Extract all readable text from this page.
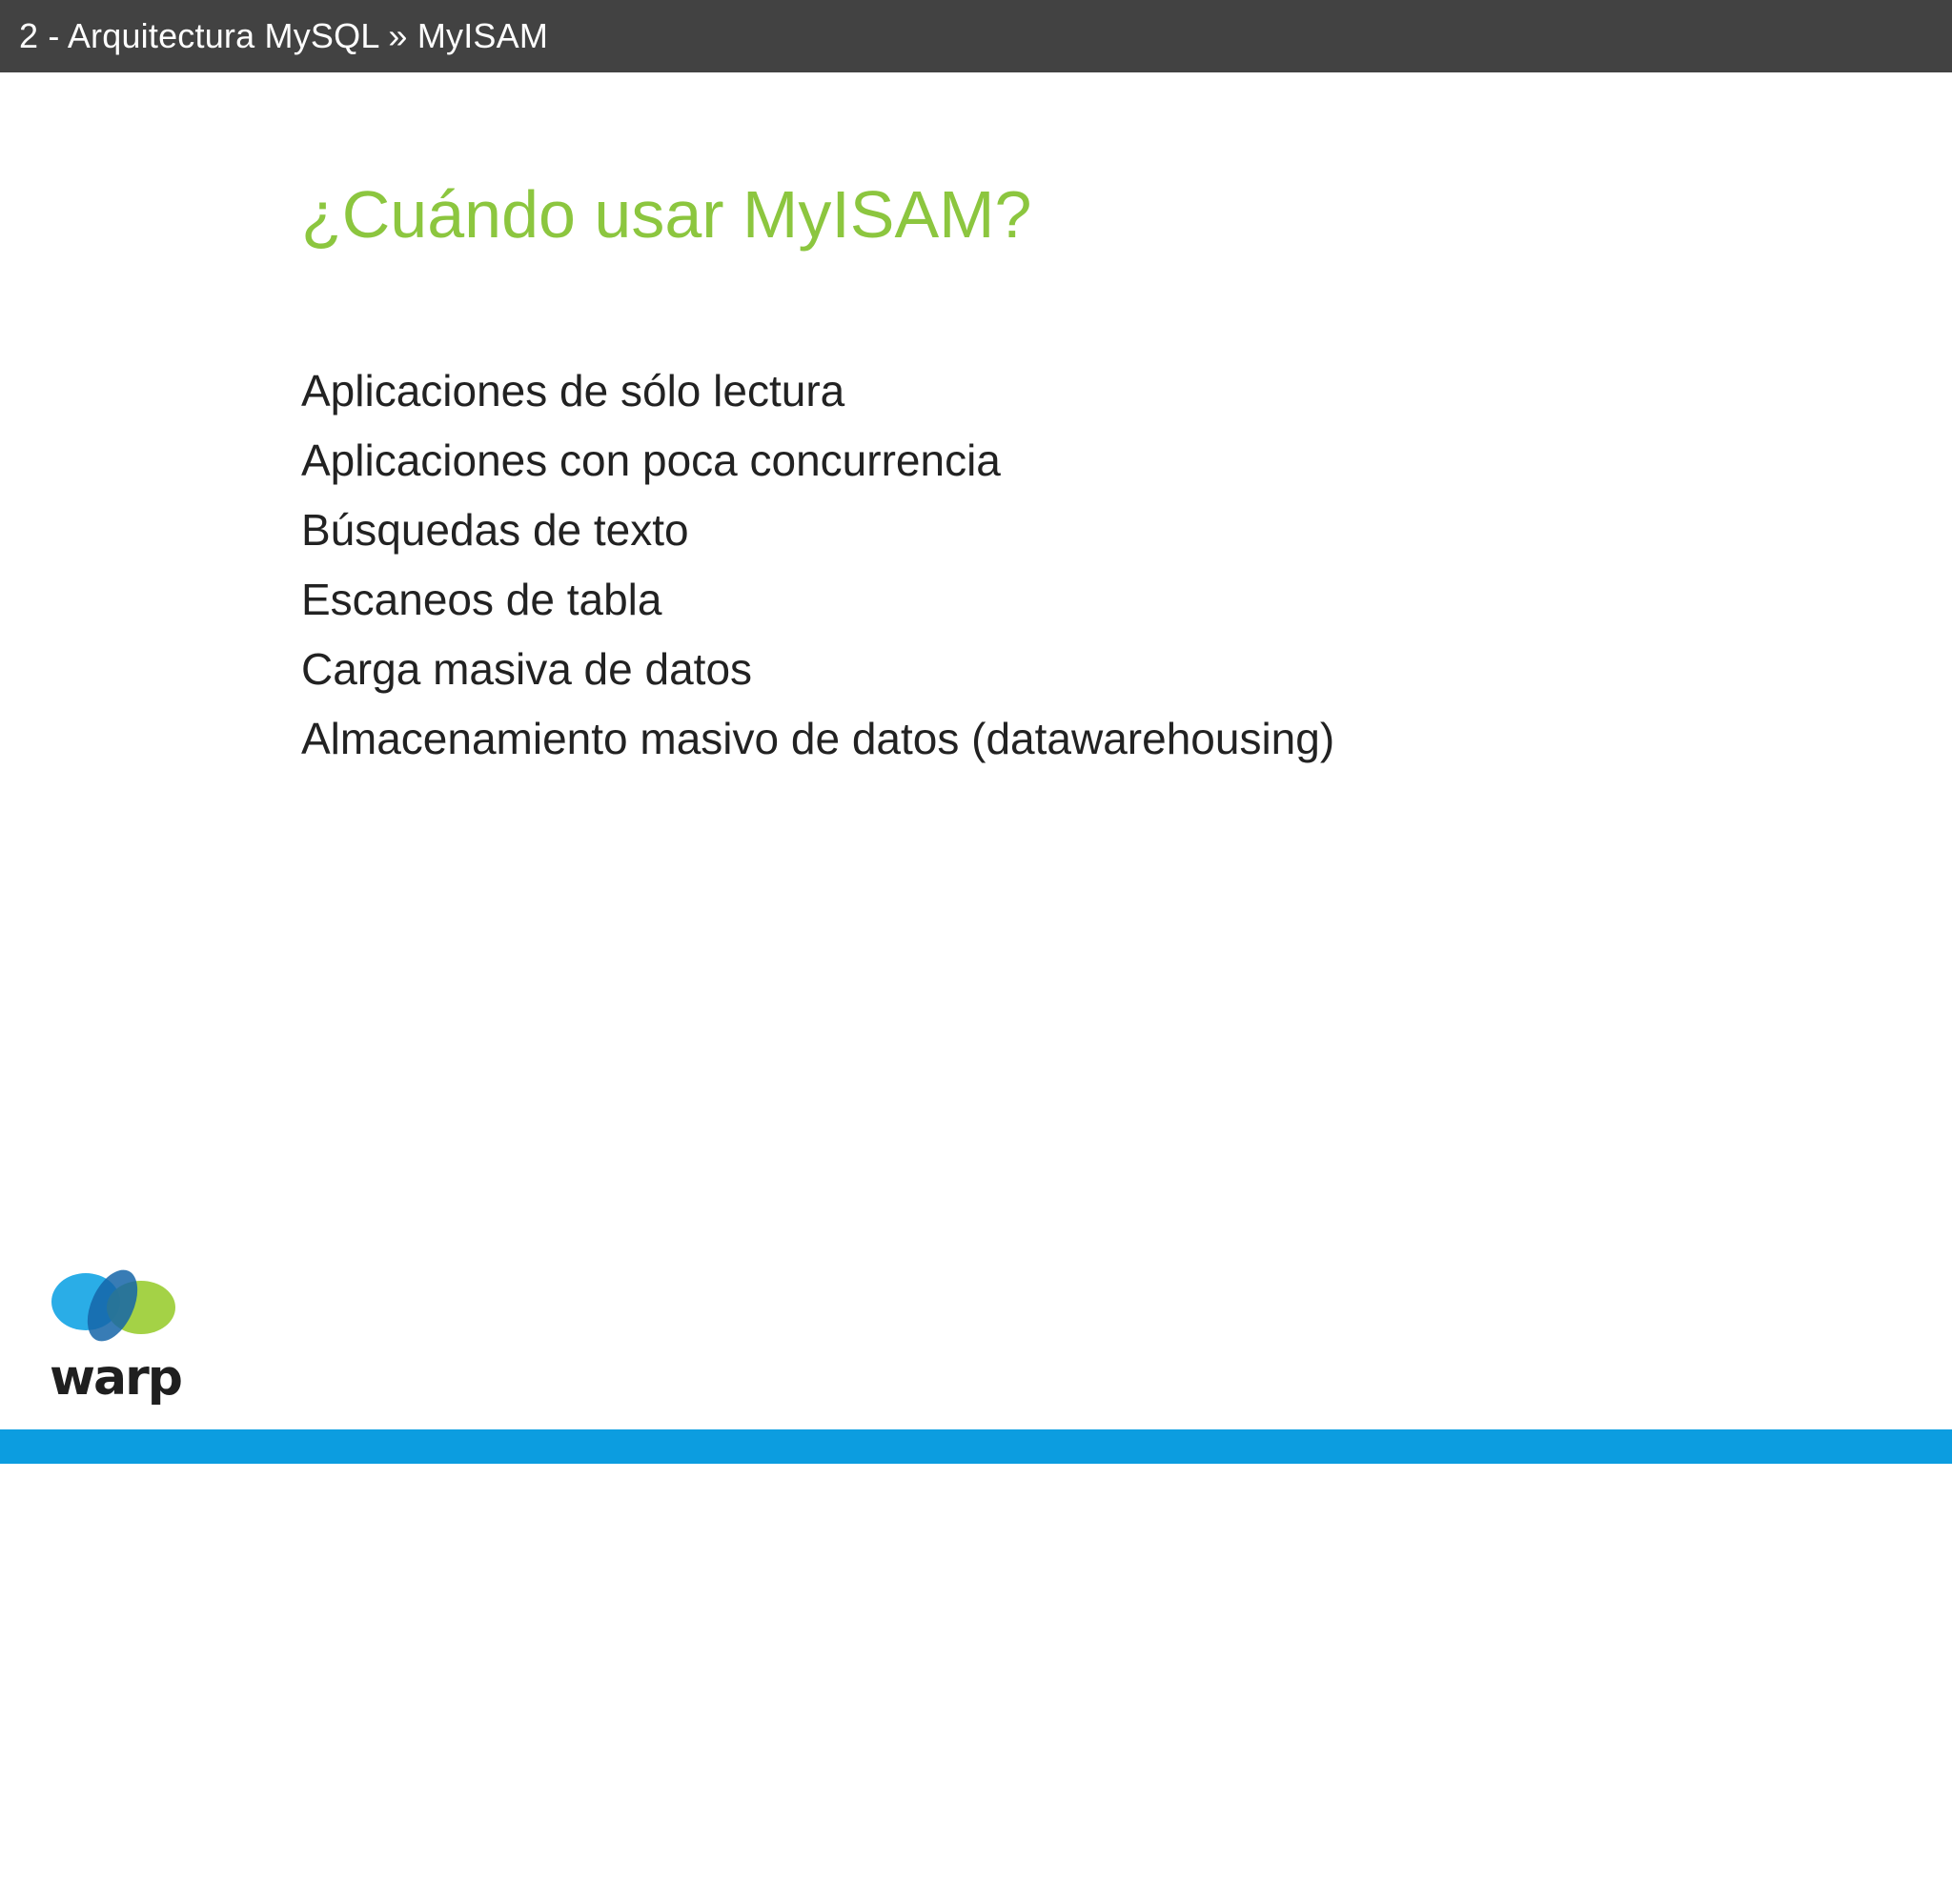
2 - Arquitectura MySQL » MyISAM
¿Cuándo usar MyISAM?
Aplicaciones de sólo lectura
Aplicaciones con poca concurrencia
Búsquedas de texto
Escaneos de tabla
Carga masiva de datos
Almacenamiento masivo de datos (datawarehousing)
warp
